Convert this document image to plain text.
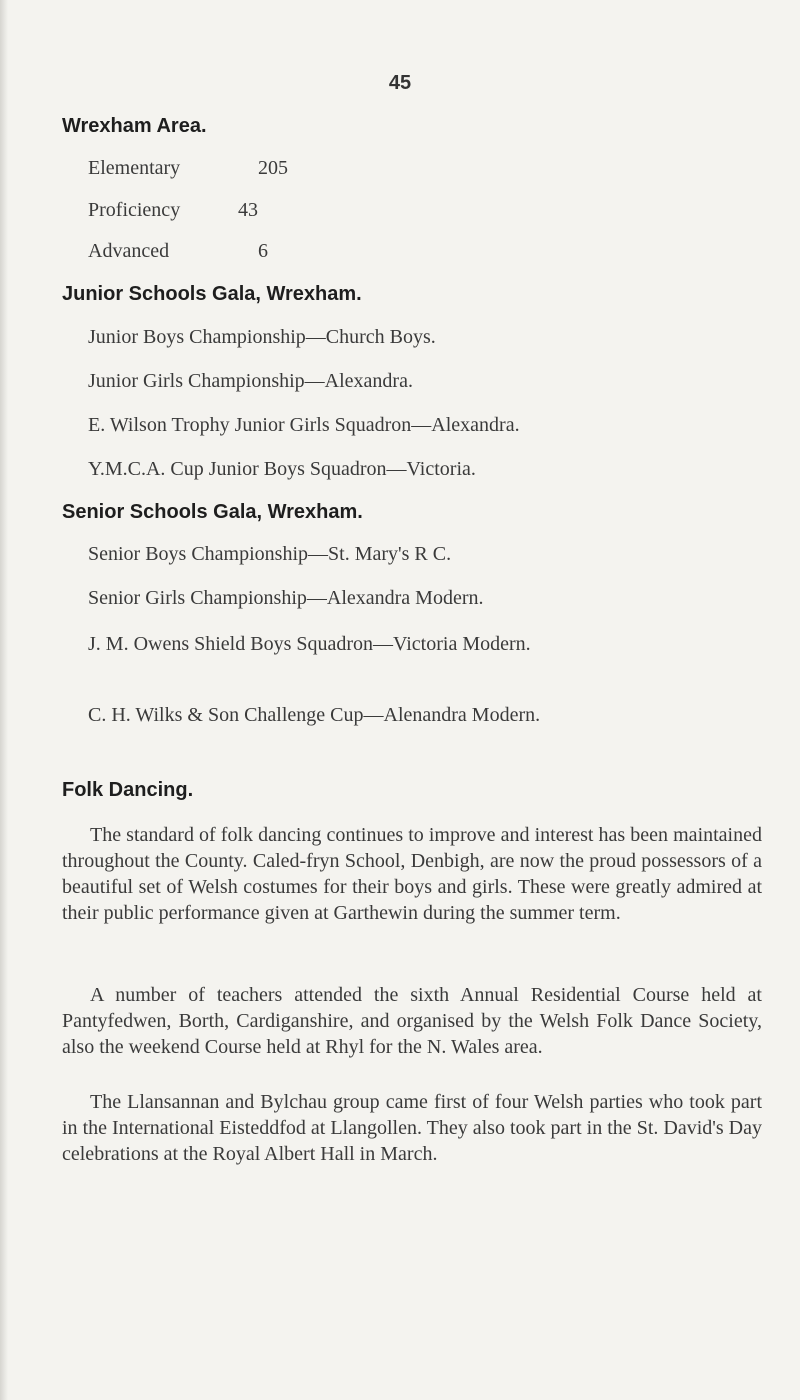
45
Wrexham Area.
Elementary	205
Proficiency	43
Advanced	6
Junior Schools Gala, Wrexham.
Junior Boys Championship—Church Boys.
Junior Girls Championship—Alexandra.
E. Wilson Trophy Junior Girls Squadron—Alexandra.
Y.M.C.A. Cup Junior Boys Squadron—Victoria.
Senior Schools Gala, Wrexham.
Senior Boys Championship—St. Mary's R C.
Senior Girls Championship—Alexandra Modern.
J. M. Owens Shield Boys Squadron—Victoria Modern.
C. H. Wilks & Son Challenge Cup—Alenandra Modern.
Folk Dancing.
The standard of folk dancing continues to improve and interest has been maintained throughout the County. Caled-fryn School, Denbigh, are now the proud possessors of a beautiful set of Welsh costumes for their boys and girls. These were greatly admired at their public performance given at Garthewin during the summer term.
A number of teachers attended the sixth Annual Residential Course held at Pantyfedwen, Borth, Cardiganshire, and organised by the Welsh Folk Dance Society, also the weekend Course held at Rhyl for the N. Wales area.
The Llansannan and Bylchau group came first of four Welsh parties who took part in the International Eisteddfod at Llangollen. They also took part in the St. David's Day celebrations at the Royal Albert Hall in March.
